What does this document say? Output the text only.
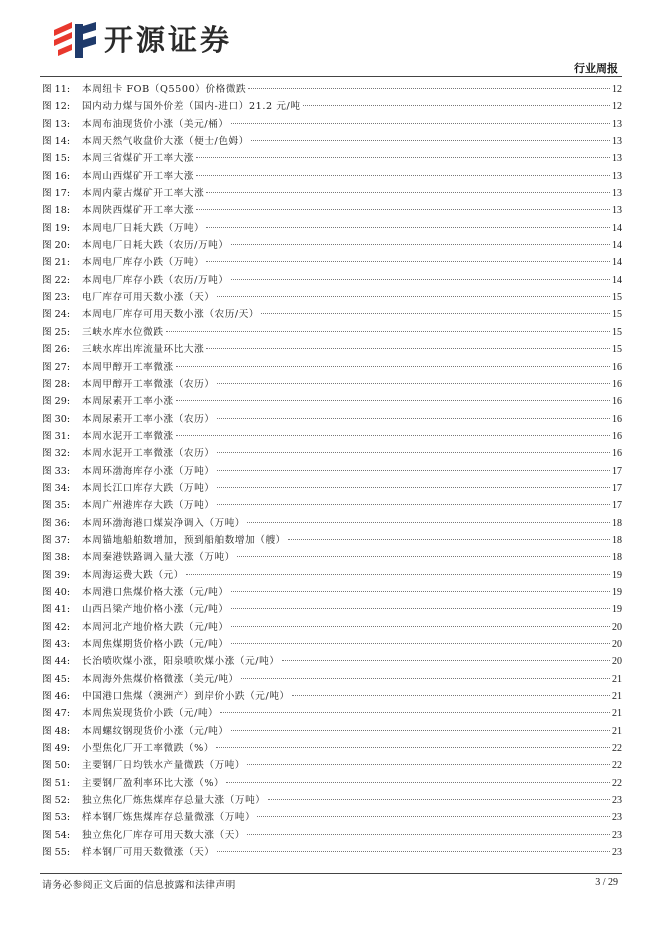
开源证券
行业周报
图 11:	本周纽卡 FOB（Q5500）价格微跌	12
图 12:	国内动力煤与国外价差（国内-进口）21.2 元/吨	12
图 13:	本周布油现货价小涨（美元/桶）	13
图 14:	本周天然气收盘价大涨（便士/色姆）	13
图 15:	本周三省煤矿开工率大涨	13
图 16:	本周山西煤矿开工率大涨	13
图 17:	本周内蒙古煤矿开工率大涨	13
图 18:	本周陕西煤矿开工率大涨	13
图 19:	本周电厂日耗大跌（万吨）	14
图 20:	本周电厂日耗大跌（农历/万吨）	14
图 21:	本周电厂库存小跌（万吨）	14
图 22:	本周电厂库存小跌（农历/万吨）	14
图 23:	电厂库存可用天数小涨（天）	15
图 24:	本周电厂库存可用天数小涨（农历/天）	15
图 25:	三峡水库水位微跌	15
图 26:	三峡水库出库流量环比大涨	15
图 27:	本周甲醇开工率微涨	16
图 28:	本周甲醇开工率微涨（农历）	16
图 29:	本周尿素开工率小涨	16
图 30:	本周尿素开工率小涨（农历）	16
图 31:	本周水泥开工率微涨	16
图 32:	本周水泥开工率微涨（农历）	16
图 33:	本周环渤海库存小涨（万吨）	17
图 34:	本周长江口库存大跌（万吨）	17
图 35:	本周广州港库存大跌（万吨）	17
图 36:	本周环渤海港口煤炭净调入（万吨）	18
图 37:	本周锚地船舶数增加，预到船舶数增加（艘）	18
图 38:	本周秦港铁路调入量大涨（万吨）	18
图 39:	本周海运费大跌（元）	19
图 40:	本周港口焦煤价格大涨（元/吨）	19
图 41:	山西吕梁产地价格小涨（元/吨）	19
图 42:	本周河北产地价格大跌（元/吨）	20
图 43:	本周焦煤期货价格小跌（元/吨）	20
图 44:	长治喷吹煤小涨，阳泉喷吹煤小涨（元/吨）	20
图 45:	本周海外焦煤价格微涨（美元/吨）	21
图 46:	中国港口焦煤（澳洲产）到岸价小跌（元/吨）	21
图 47:	本周焦炭现货价小跌（元/吨）	21
图 48:	本周螺纹钢现货价小涨（元/吨）	21
图 49:	小型焦化厂开工率微跌（%）	22
图 50:	主要钢厂日均铁水产量微跌（万吨）	22
图 51:	主要钢厂盈利率环比大涨（%）	22
图 52:	独立焦化厂炼焦煤库存总量大涨（万吨）	23
图 53:	样本钢厂炼焦煤库存总量微涨（万吨）	23
图 54:	独立焦化厂库存可用天数大涨（天）	23
图 55:	样本钢厂可用天数微涨（天）	23
请务必参阅正文后面的信息披露和法律声明	3 / 29
